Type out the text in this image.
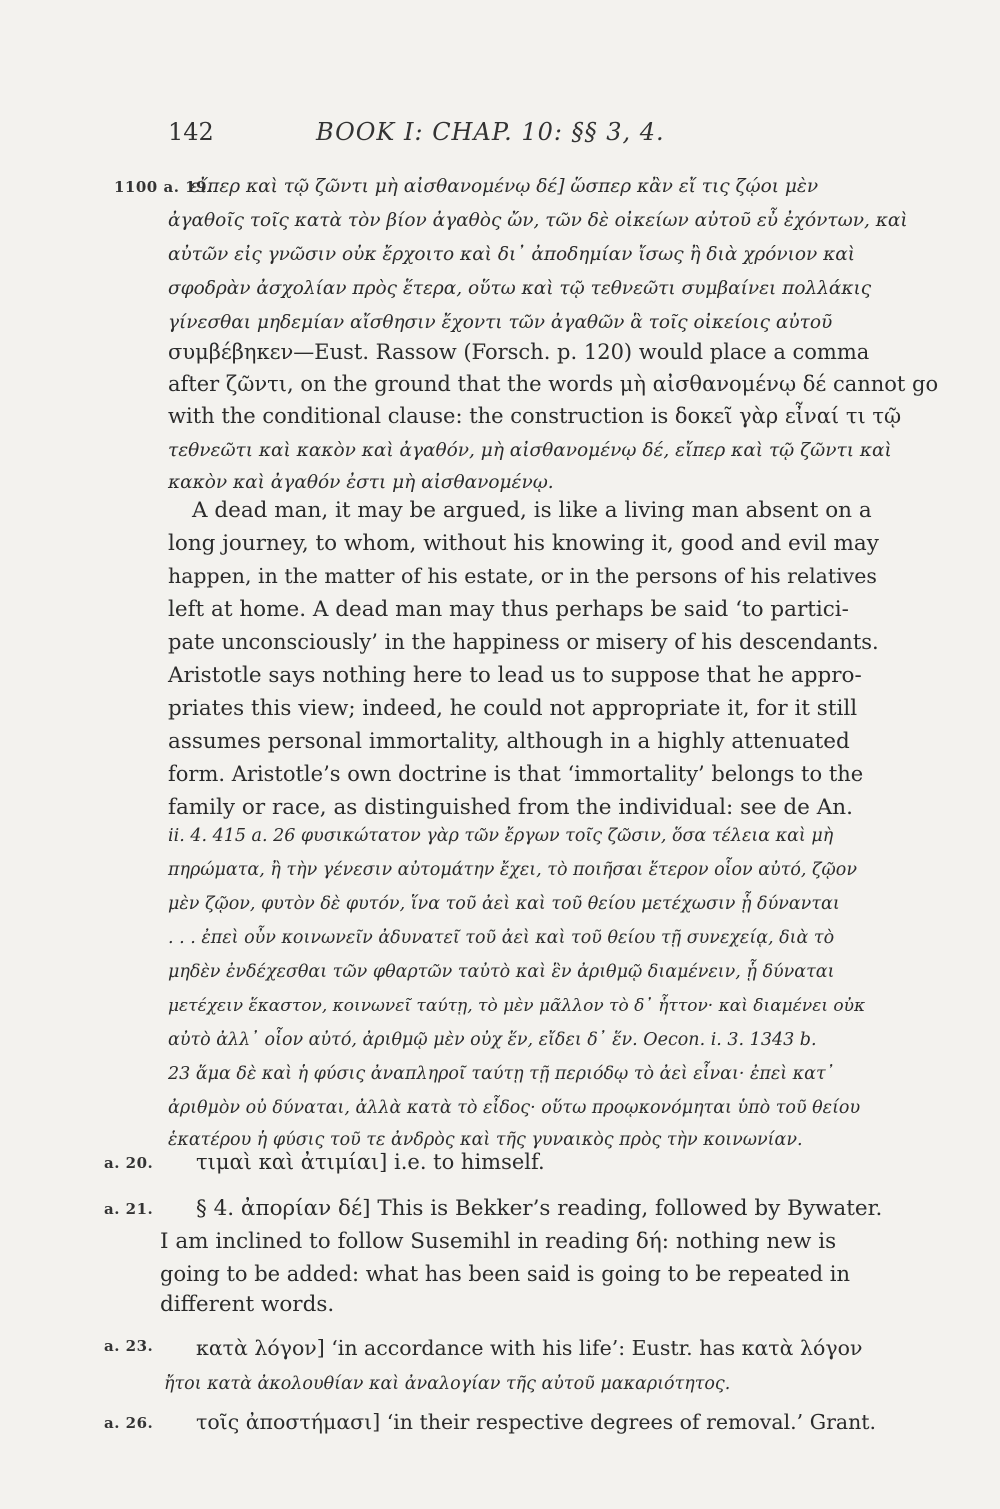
142	BOOK I: CHAP. 10: §§ 3, 4.
1100 a. 19.
a. 20.
a. 21.
a. 23.
a. 26.
εἴπερ καὶ τῷ ζῶντι μὴ αἰσθανομένῳ δέ] ὥσπερ κἂν εἴ τις ζῴοι μὲν
ἀγαθοῖς τοῖς κατὰ τὸν βίον ἀγαθὸς ὤν, τῶν δὲ οἰκείων αὐτοῦ εὖ ἐχόντων, καὶ
αὐτῶν εἰς γνῶσιν οὐκ ἔρχοιτο καὶ δι᾽ ἀποδημίαν ἴσως ἢ διὰ χρόνιον καὶ
σφοδρὰν ἀσχολίαν πρὸς ἕτερα, οὕτω καὶ τῷ τεθνεῶτι συμβαίνει πολλάκις
γίνεσθαι μηδεμίαν αἴσθησιν ἔχοντι τῶν ἀγαθῶν ἃ τοῖς οἰκείοις αὐτοῦ
συμβέβηκεν—Eust. Rassow (Forsch. p. 120) would place a comma
after ζῶντι, on the ground that the words μὴ αἰσθανομένῳ δέ cannot go
with the conditional clause: the construction is δοκεῖ γὰρ εἶναί τι τῷ
τεθνεῶτι καὶ κακὸν καὶ ἀγαθόν, μὴ αἰσθανομένῳ δέ, εἴπερ καὶ τῷ ζῶντι καὶ
κακὸν καὶ ἀγαθόν ἐστι μὴ αἰσθανομένῳ.
A dead man, it may be argued, is like a living man absent on a
long journey, to whom, without his knowing it, good and evil may
happen, in the matter of his estate, or in the persons of his relatives
left at home. A dead man may thus perhaps be said ‘to partici-
pate unconsciously’ in the happiness or misery of his descendants.
Aristotle says nothing here to lead us to suppose that he appro-
priates this view; indeed, he could not appropriate it, for it still
assumes personal immortality, although in a highly attenuated
form. Aristotle’s own doctrine is that ‘immortality’ belongs to the
family or race, as distinguished from the individual: see de An.
ii. 4. 415 a. 26 φυσικώτατον γὰρ τῶν ἔργων τοῖς ζῶσιν, ὅσα τέλεια καὶ μὴ
πηρώματα, ἢ τὴν γένεσιν αὐτομάτην ἔχει, τὸ ποιῆσαι ἕτερον οἷον αὐτό, ζῷον
μὲν ζῷον, φυτὸν δὲ φυτόν, ἵνα τοῦ ἀεὶ καὶ τοῦ θείου μετέχωσιν ᾗ δύνανται
. . . ἐπεὶ οὖν κοινωνεῖν ἀδυνατεῖ τοῦ ἀεὶ καὶ τοῦ θείου τῇ συνεχείᾳ, διὰ τὸ
μηδὲν ἐνδέχεσθαι τῶν φθαρτῶν ταὐτὸ καὶ ἓν ἀριθμῷ διαμένειν, ᾗ δύναται
μετέχειν ἕκαστον, κοινωνεῖ ταύτῃ, τὸ μὲν μᾶλλον τὸ δ᾽ ἧττον· καὶ διαμένει οὐκ
αὐτὸ ἀλλ᾽ οἷον αὐτό, ἀριθμῷ μὲν οὐχ ἕν, εἴδει δ᾽ ἕν. Oecon. i. 3. 1343 b.
23 ἅμα δὲ καὶ ἡ φύσις ἀναπληροῖ ταύτῃ τῇ περιόδῳ τὸ ἀεὶ εἶναι· ἐπεὶ κατ᾽
ἀριθμὸν οὐ δύναται, ἀλλὰ κατὰ τὸ εἶδος· οὕτω προῳκονόμηται ὑπὸ τοῦ θείου
ἑκατέρου ἡ φύσις τοῦ τε ἀνδρὸς καὶ τῆς γυναικὸς πρὸς τὴν κοινωνίαν.
τιμαὶ καὶ ἀτιμίαι] i.e. to himself.
§ 4. ἀπορίαν δέ] This is Bekker’s reading, followed by Bywater.
I am inclined to follow Susemihl in reading δή: nothing new is
going to be added: what has been said is going to be repeated in
different words.
κατὰ λόγον] ‘in accordance with his life’: Eustr. has κατὰ λόγον
ἤτοι κατὰ ἀκολουθίαν καὶ ἀναλογίαν τῆς αὐτοῦ μακαριότητος.
τοῖς ἀποστήμασι] ‘in their respective degrees of removal.’ Grant.
